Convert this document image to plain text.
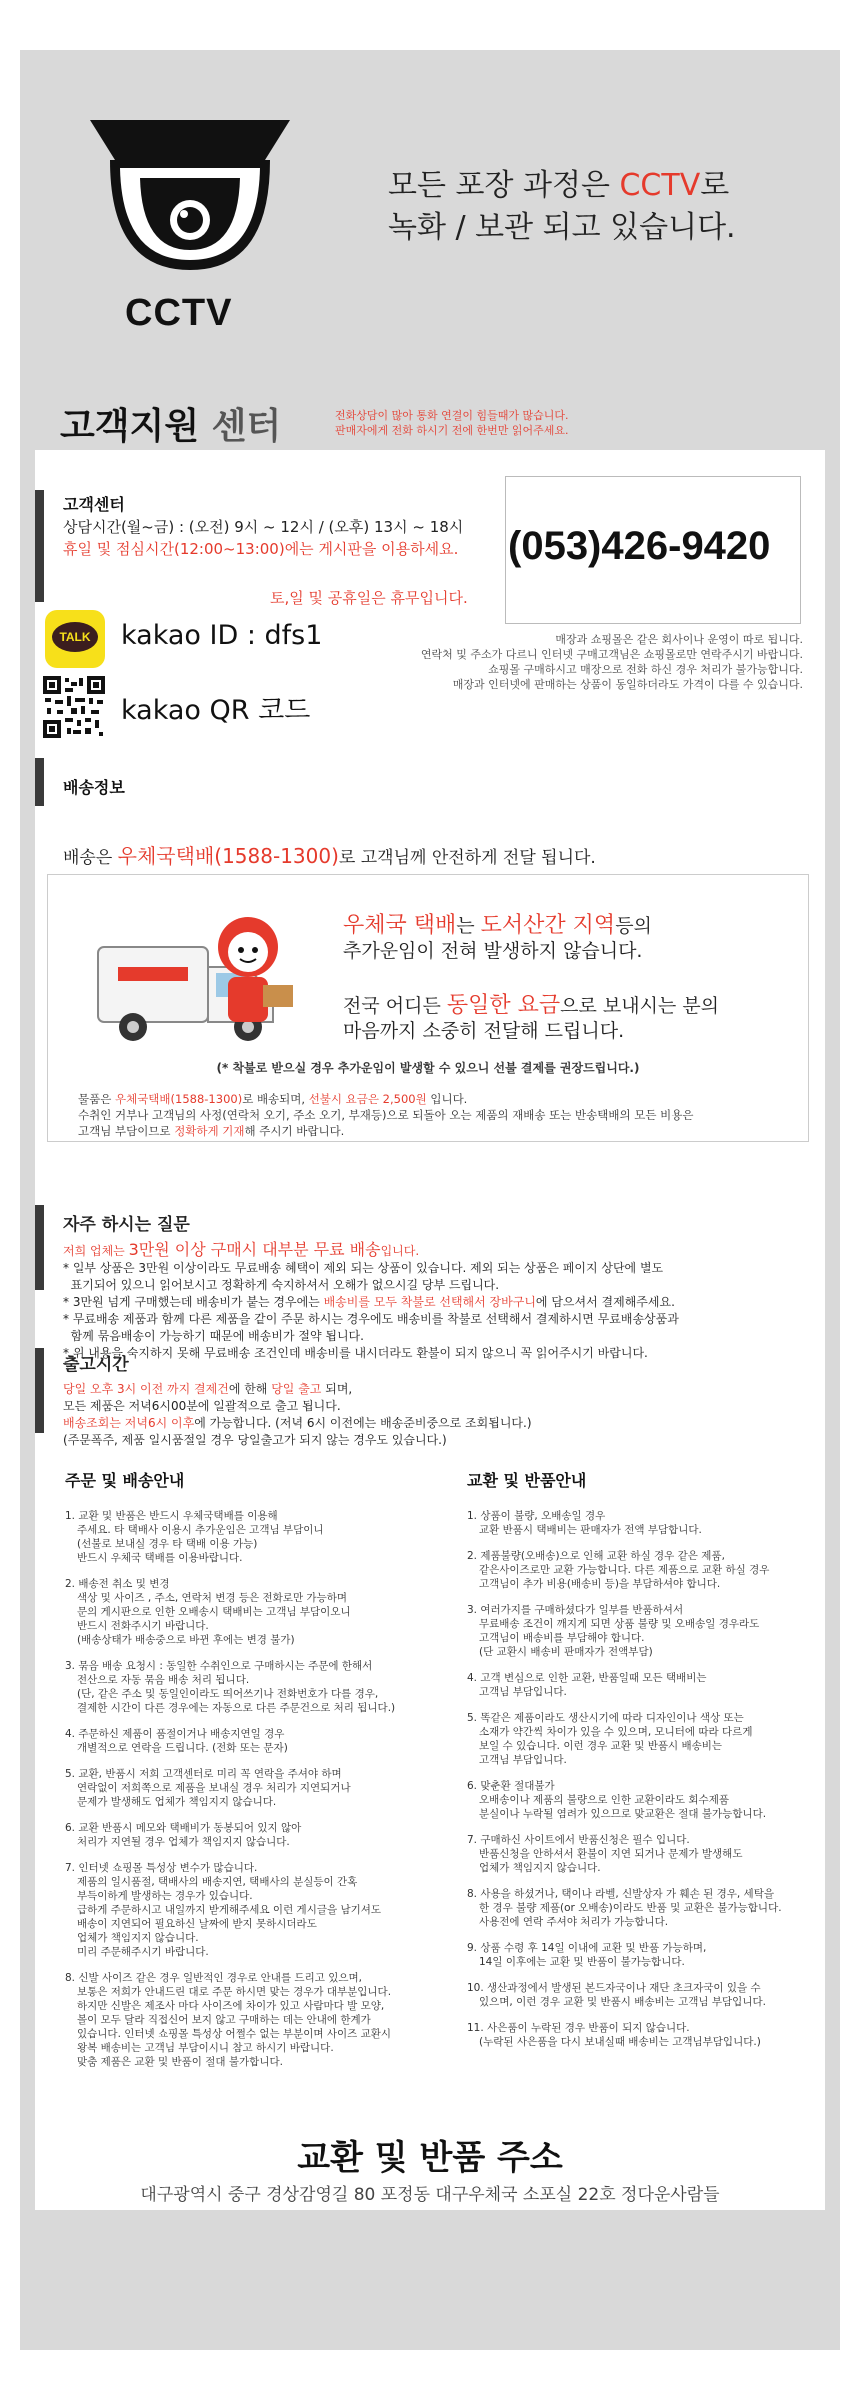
CCTV
모든 포장 과정은 CCTV로
녹화 / 보관 되고 있습니다.
고객지원 센터	전화상담이 많아 통화 연결이 힘들때가 많습니다.
판매자에게 전화 하시기 전에 한번만 읽어주세요.
고객센터
상담시간(월~금) : (오전) 9시 ~ 12시 / (오후) 13시 ~ 18시
휴일 및 점심시간(12:00~13:00)에는 게시판을 이용하세요.
토,일 및 공휴일은 휴무입니다.
(053)426-9420
TALK kakao ID : dfs1
kakao QR 코드
매장과 쇼핑몰은 같은 회사이나 운영이 따로 됩니다.
연락처 및 주소가 다르니 인터넷 구매고객님은 쇼핑몰로만 연락주시기 바랍니다.
쇼핑몰 구매하시고 매장으로 전화 하신 경우 처리가 불가능합니다.
매장과 인터넷에 판매하는 상품이 동일하더라도 가격이 다를 수 있습니다.
배송정보
배송은 우체국택배(1588-1300)로 고객님께 안전하게 전달 됩니다.
우체국 택배는 도서산간 지역등의
추가운임이 전혀 발생하지 않습니다.
전국 어디든 동일한 요금으로 보내시는 분의
마음까지 소중히 전달해 드립니다.
(* 착불로 받으실 경우 추가운임이 발생할 수 있으니 선불 결제를 권장드립니다.)
물품은 우체국택배(1588-1300)로 배송되며, 선불시 요금은 2,500원 입니다.
수취인 거부나 고객님의 사정(연락처 오기, 주소 오기, 부재등)으로 되돌아 오는 제품의 재배송 또는 반송택배의 모든 비용은
고객님 부담이므로 정확하게 기재해 주시기 바랍니다.
자주 하시는 질문
저희 업체는 3만원 이상 구매시 대부분 무료 배송입니다.
* 일부 상품은 3만원 이상이라도 무료배송 혜택이 제외 되는 상품이 있습니다. 제외 되는 상품은 페이지 상단에 별도
표기되어 있으니 읽어보시고 정확하게 숙지하셔서 오해가 없으시길 당부 드립니다.
* 3만원 넘게 구매했는데 배송비가 붙는 경우에는 배송비를 모두 착불로 선택해서 장바구니에 담으셔서 결제해주세요.
* 무료배송 제품과 함께 다른 제품을 같이 주문 하시는 경우에도 배송비를 착불로 선택해서 결제하시면 무료배송상품과
함께 묶음배송이 가능하기 때문에 배송비가 절약 됩니다.
* 위 내용을 숙지하지 못해 무료배송 조건인데 배송비를 내시더라도 환불이 되지 않으니 꼭 읽어주시기 바랍니다.
출고시간
당일 오후 3시 이전 까지 결제건에 한해 당일 출고 되며,
모든 제품은 저녁6시00분에 일괄적으로 출고 됩니다.
배송조회는 저녁6시 이후에 가능합니다. (저녁 6시 이전에는 배송준비중으로 조회됩니다.)
(주문폭주, 제품 일시품절일 경우 당일출고가 되지 않는 경우도 있습니다.)
주문 및 배송안내
1. 교환 및 반품은 반드시 우체국택배를 이용해
주세요. 타 택배사 이용시 추가운임은 고객님 부담이니
(선불로 보내실 경우 타 택배 이용 가능)
반드시 우체국 택배를 이용바랍니다.
2. 배송전 취소 및 변경
색상 및 사이즈 , 주소, 연락처 변경 등은 전화로만 가능하며
문의 게시판으로 인한 오배송시 택배비는 고객님 부담이오니
반드시 전화주시기 바랍니다.
(배송상태가 배송중으로 바뀐 후에는 변경 불가)
3. 묶음 배송 요청시 : 동일한 수취인으로 구매하시는 주문에 한해서
전산으로 자동 묶음 배송 처리 됩니다.
(단, 같은 주소 및 동일인이라도 띄어쓰기나 전화번호가 다를 경우,
결제한 시간이 다른 경우에는 자동으로 다른 주문건으로 처리 됩니다.)
4. 주문하신 제품이 품절이거나 배송지연일 경우
개별적으로 연락을 드립니다. (전화 또는 문자)
5. 교환, 반품시 저희 고객센터로 미리 꼭 연락을 주셔야 하며
연락없이 저희쪽으로 제품을 보내실 경우 처리가 지연되거나
문제가 발생해도 업체가 책임지지 않습니다.
6. 교환 반품시 메모와 택배비가 동봉되어 있지 않아
처리가 지연될 경우 업체가 책임지지 않습니다.
7. 인터넷 쇼핑몰 특성상 변수가 많습니다.
제품의 일시품절, 택배사의 배송지연, 택배사의 분실등이 간혹
부득이하게 발생하는 경우가 있습니다.
급하게 주문하시고 내일까지 받게해주세요 이런 게시글을 남기셔도
배송이 지연되어 필요하신 날짜에 받지 못하시더라도
업체가 책임지지 않습니다.
미리 주문해주시기 바랍니다.
8. 신발 사이즈 같은 경우 일반적인 경우로 안내를 드리고 있으며,
보통은 저희가 안내드린 대로 주문 하시면 맞는 경우가 대부분입니다.
하지만 신발은 제조사 마다 사이즈에 차이가 있고 사람마다 발 모양,
볼이 모두 달라 직접신어 보지 않고 구매하는 데는 안내에 한계가
있습니다. 인터넷 쇼핑몰 특성상 어쩔수 없는 부분이며 사이즈 교환시
왕복 배송비는 고객님 부담이시니 참고 하시기 바랍니다.
맞춤 제품은 교환 및 반품이 절대 불가합니다.
교환 및 반품안내
1. 상품이 불량, 오배송일 경우
교환 반품시 택배비는 판매자가 전액 부담합니다.
2. 제품불량(오배송)으로 인해 교환 하실 경우 같은 제품,
같은사이즈로만 교환 가능합니다. 다른 제품으로 교환 하실 경우
고객님이 추가 비용(배송비 등)을 부담하셔야 합니다.
3. 여러가지를 구매하셨다가 일부를 반품하셔서
무료배송 조건이 깨지게 되면 상품 불량 및 오배송일 경우라도
고객님이 배송비를 부담해야 합니다.
(단 교환시 배송비 판매자가 전액부담)
4. 고객 변심으로 인한 교환, 반품일때 모든 택배비는
고객님 부담입니다.
5. 똑같은 제품이라도 생산시기에 따라 디자인이나 색상 또는
소재가 약간씩 차이가 있을 수 있으며, 모니터에 따라 다르게
보일 수 있습니다. 이런 경우 교환 및 반품시 배송비는
고객님 부담입니다.
6. 맞춘환 절대불가
오배송이나 제품의 불량으로 인한 교환이라도 회수제품
분실이나 누락될 염려가 있으므로 맞교환은 절대 불가능합니다.
7. 구매하신 사이트에서 반품신청은 필수 입니다.
반품신청을 안하셔서 환불이 지연 되거나 문제가 발생해도
업체가 책임지지 않습니다.
8. 사용을 하셨거나, 택이나 라벨, 신발상자 가 훼손 된 경우, 세탁을
한 경우 불량 제품(or 오배송)이라도 반품 및 교환은 불가능합니다.
사용전에 연락 주셔야 처리가 가능합니다.
9. 상품 수령 후 14일 이내에 교환 및 반품 가능하며,
14일 이후에는 교환 및 반품이 불가능합니다.
10. 생산과정에서 발생된 본드자국이나 재단 초크자국이 있을 수
있으며, 이런 경우 교환 및 반품시 배송비는 고객님 부담입니다.
11. 사은품이 누락된 경우 반품이 되지 않습니다.
(누락된 사은품을 다시 보내실때 배송비는 고객님부담입니다.)
교환 및 반품 주소
대구광역시 중구 경상감영길 80 포정동 대구우체국 소포실 22호 정다운사람들
